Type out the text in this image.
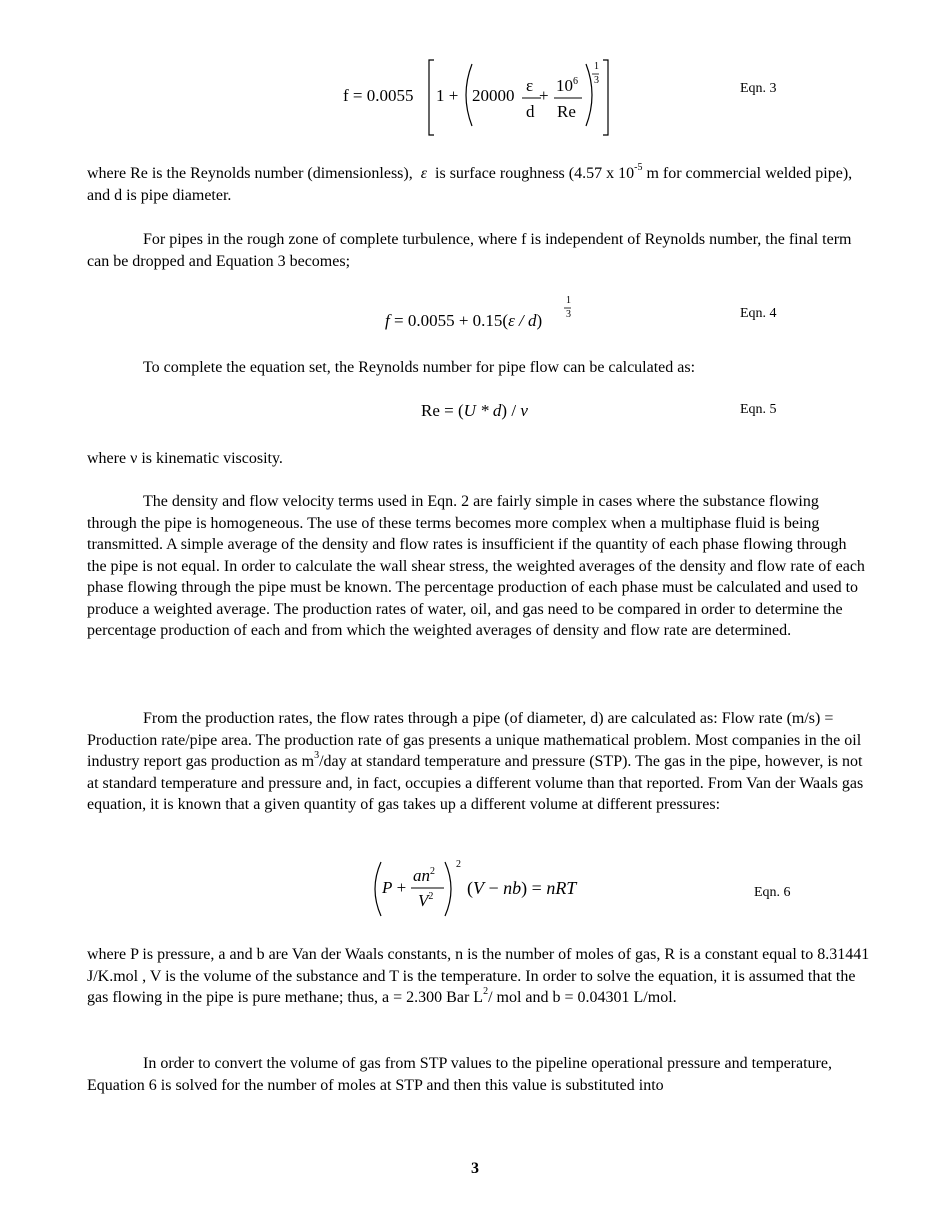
f = 0.0055 1 + 20000
ε
d
+
$10^6$
Re
1
3
Eqn. 3

where Re is the Reynolds number (dimensionless), ε is surface roughness (4.57 x $10^{-5}$ m for commercial welded pipe), and d is pipe diameter.

For pipes in the rough zone of complete turbulence, where f is independent of Reynolds number, the final term can be dropped and Equation 3 becomes;

f = 0.0055 + 0.15(ε / d)
1
3	Eqn. 4

To complete the equation set, the Reynolds number for pipe flow can be calculated as:

Re = (U * d) / ν	Eqn. 5

where ν is kinematic viscosity.

The density and flow velocity terms used in Eqn. 2 are fairly simple in cases where the substance flowing through the pipe is homogeneous. The use of these terms becomes more complex when a multiphase fluid is being transmitted. A simple average of the density and flow rates is insufficient if the quantity of each phase flowing through the pipe is not equal. In order to calculate the wall shear stress, the weighted averages of the density and flow rate of each phase flowing through the pipe must be known. The percentage production of each phase must be calculated and used to produce a weighted average. The production rates of water, oil, and gas need to be compared in order to determine the percentage production of each and from which the weighted averages of density and flow rate are determined.

From the production rates, the flow rates through a pipe (of diameter, d) are calculated as: Flow rate (m/s) = Production rate/pipe area. The production rate of gas presents a unique mathematical problem. Most companies in the oil industry report gas production as $m^3$/day at standard temperature and pressure (STP). The gas in the pipe, however, is not at standard temperature and pressure and, in fact, occupies a different volume than that reported. From Van der Waals gas equation, it is known that a given quantity of gas takes up a different volume at different pressures:

P +
$an^2$
$V^2$
2
(V − nb) = nRT	Eqn. 6

where P is pressure, a and b are Van der Waals constants, n is the number of moles of gas, R is a constant equal to 8.31441 J/K.mol , V is the volume of the substance and T is the temperature. In order to solve the equation, it is assumed that the gas flowing in the pipe is pure methane; thus, a = 2.300 Bar $L^2/$ mol and b = 0.04301 L/mol.

In order to convert the volume of gas from STP values to the pipeline operational pressure and temperature, Equation 6 is solved for the number of moles at STP and then this value is substituted into

3
